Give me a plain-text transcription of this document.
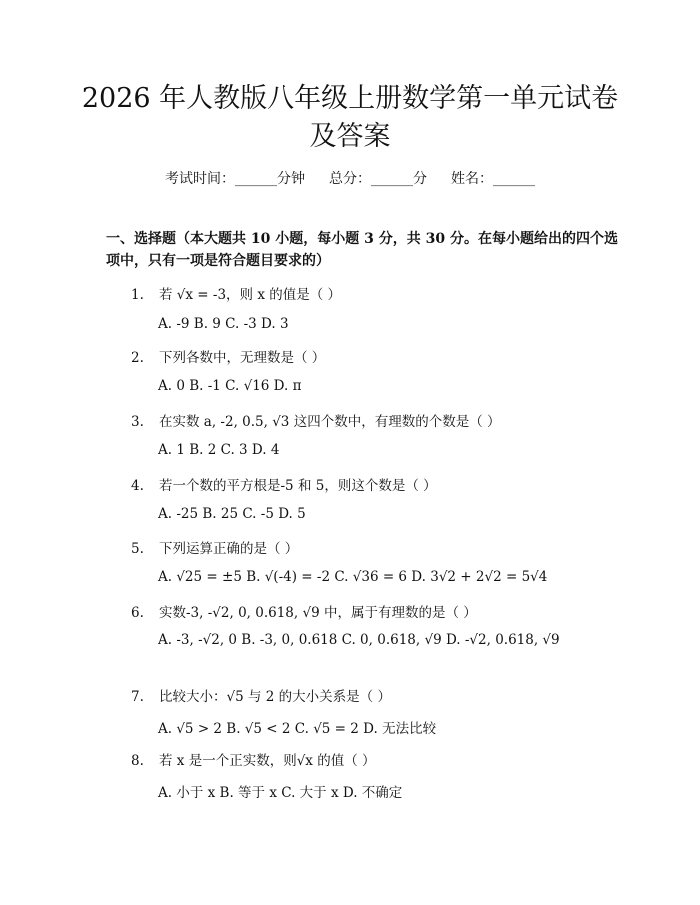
2026 年人教版八年级上册数学第一单元试卷
及答案
考试时间：______分钟 总分：______分 姓名：______
一、选择题（本大题共 10 小题，每小题 3 分，共 30 分。在每小题给出的四个选项中，只有一项是符合题目要求的）
1. 若 √x = -3，则 x 的值是（ ）
A. -9 B. 9 C. -3 D. 3
2. 下列各数中，无理数是（ ）
A. 0 B. -1 C. √16 D. π
3. 在实数 a, -2, 0.5, √3 这四个数中，有理数的个数是（ ）
A. 1 B. 2 C. 3 D. 4
4. 若一个数的平方根是-5 和 5，则这个数是（ ）
A. -25 B. 25 C. -5 D. 5
5. 下列运算正确的是（ ）
A. √25 = ±5 B. √(-4) = -2 C. √36 = 6 D. 3√2 + 2√2 = 5√4
6. 实数-3, -√2, 0, 0.618, √9 中，属于有理数的是（ ）
A. -3, -√2, 0 B. -3, 0, 0.618 C. 0, 0.618, √9 D. -√2, 0.618, √9
7. 比较大小：√5 与 2 的大小关系是（ ）
A. √5 > 2 B. √5 < 2 C. √5 = 2 D. 无法比较
8. 若 x 是一个正实数，则√x 的值（ ）
A. 小于 x B. 等于 x C. 大于 x D. 不确定
